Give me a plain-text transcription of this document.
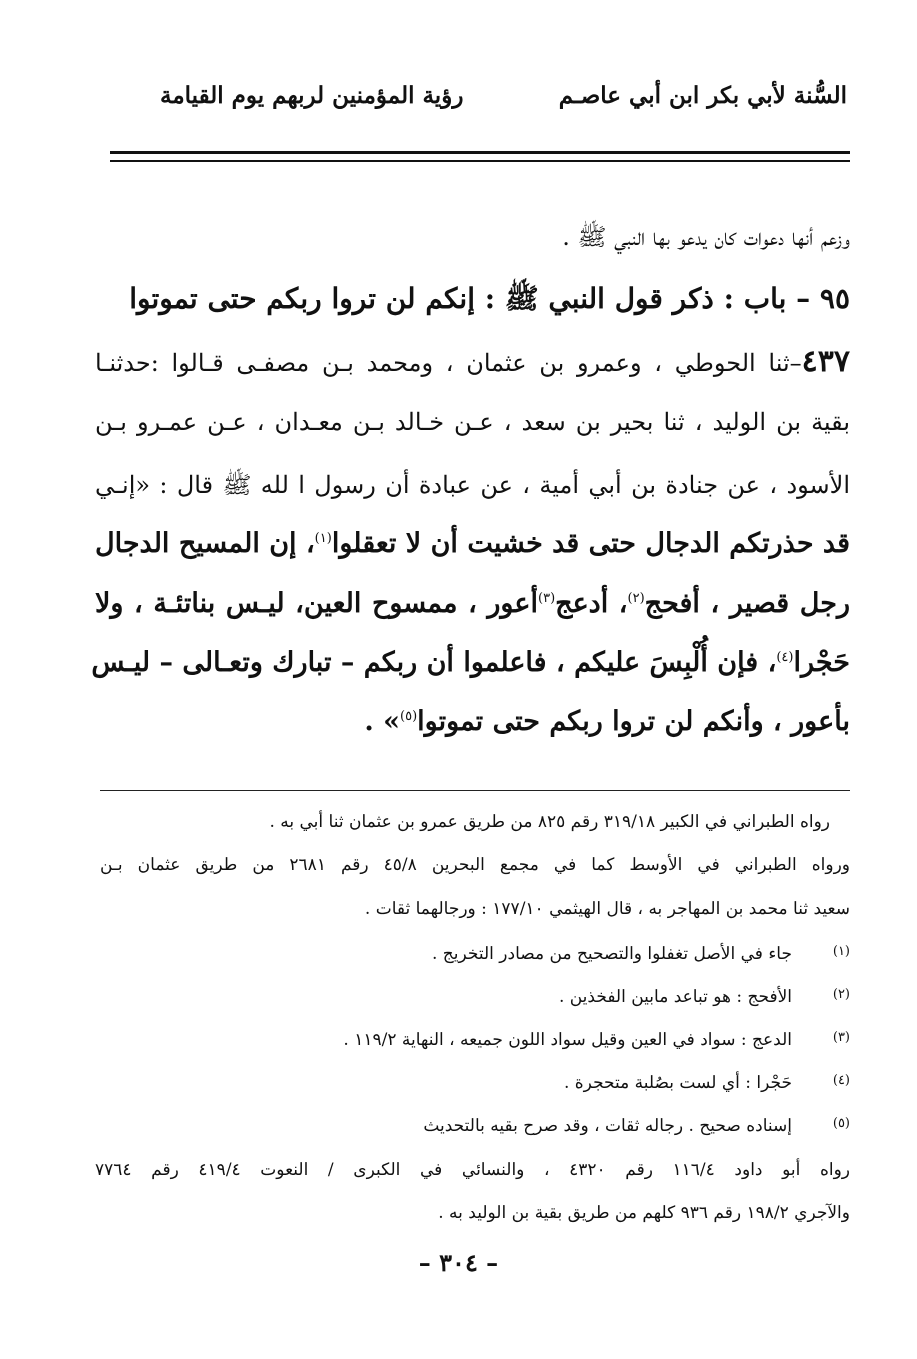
السُّنة لأبي بكر ابن أبي عاصـم
رؤية المؤمنين لربهم يوم القيامة
وزعم أنها دعوات كان يدعو بها النبي ﷺ .
٩٥ – باب : ذكر قول النبي ﷺ : إنكم لن تروا ربكم حتى تموتوا
٤٣٧–ثنا الحوطي ، وعمرو بن عثمان ، ومحمد بـن مصفـى قـالوا :حدثنـا
بقية بن الوليد ، ثنا بحير بن سعد ، عـن خـالد بـن معـدان ، عـن عمـرو بـن
الأسود ، عن جنادة بن أبي أمية ، عن عبادة أن رسول ا لله ﷺ قال : «إنـي
قد حذرتكم الدجال حتى قد خشيت أن لا تعقلوا$^{(١)}$، إن المسيح الدجال
رجل قصير ، أفحج$^{(٢)}$، أدعج$^{(٣)}$أعور ، ممسوح العين، ليـس بناتئـة ، ولا
حَجْرا$^{(٤)}$، فإن أُلْبِسَ عليكم ، فاعلموا أن ربكم – تبارك وتعـالى – ليـس
بأعور ، وأنكم لن تروا ربكم حتى تموتوا$^{(٥)}$» .
رواه الطبراني في الكبير ٣١٩/١٨ رقم ٨٢٥ من طريق عمرو بن عثمان ثنا أبي به .
ورواه الطبراني في الأوسط كما في مجمع البحرين ٤٥/٨ رقم ٢٦٨١ من طريق عثمان بـن
سعيد ثنا محمد بن المهاجر به ، قال الهيثمي ١٧٧/١٠ : ورجالهما ثقات .
(١)جاء في الأصل تغفلوا والتصحيح من مصادر التخريج .
(٢)الأفحج : هو تباعد مابين الفخذين .
(٣)الدعج : سواد في العين وقيل سواد اللون جميعه ، النهاية ١١٩/٢ .
(٤)حَجْرا : أي لست بصُلبة متحجرة .
(٥)إسناده صحيح . رجاله ثقات ، وقد صرح بقيه بالتحديث
رواه أبو داود ١١٦/٤ رقم ٤٣٢٠ ، والنسائي في الكبرى / النعوت ٤١٩/٤ رقم ٧٧٦٤
والآجري ١٩٨/٢ رقم ٩٣٦ كلهم من طريق بقية بن الوليد به .
– ٣٠٤ –
